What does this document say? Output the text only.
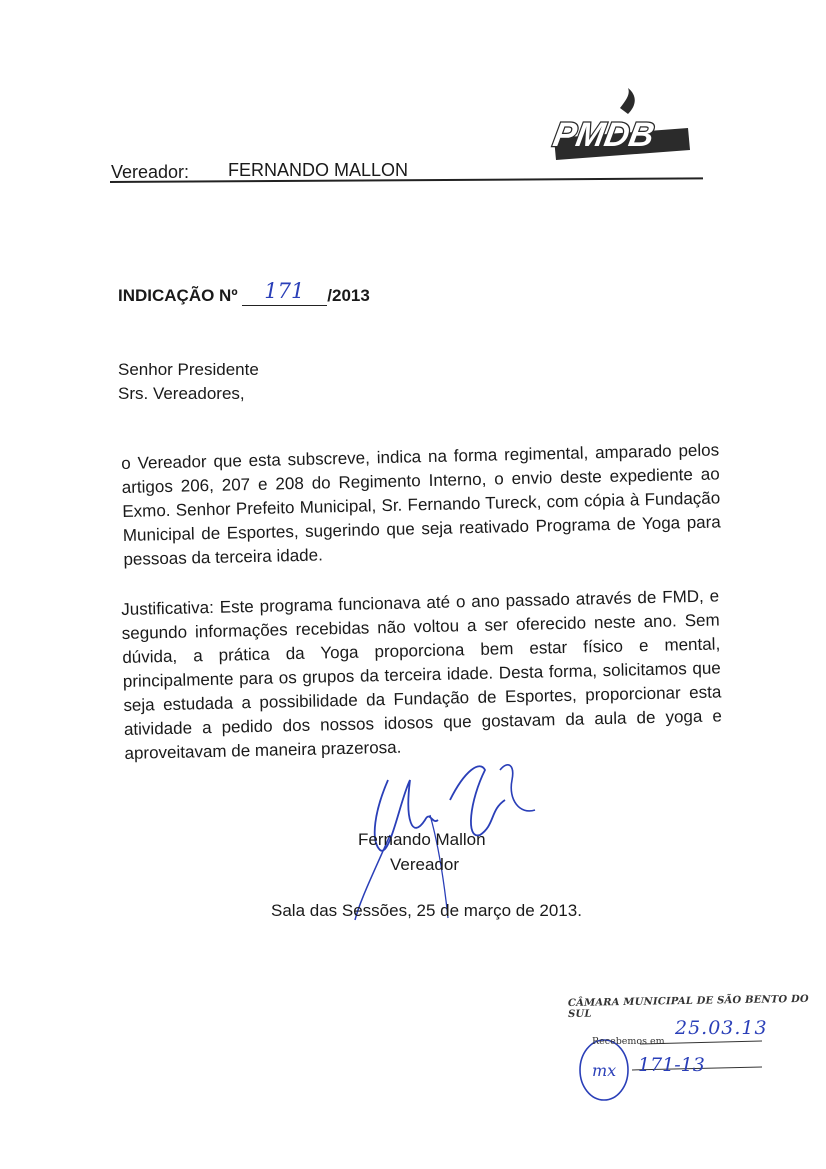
PMDB
Vereador: FERNANDO MALLON
INDICAÇÃO Nº 171 /2013
Senhor Presidente
Srs. Vereadores,
o Vereador que esta subscreve, indica na forma regimental, amparado pelos artigos 206, 207 e 208 do Regimento Interno, o envio deste expediente ao Exmo. Senhor Prefeito Municipal, Sr. Fernando Tureck, com cópia à Fundação Municipal de Esportes, sugerindo que seja reativado Programa de Yoga para pessoas da terceira idade.
Justificativa: Este programa funcionava até o ano passado através de FMD, e segundo informações recebidas não voltou a ser oferecido neste ano. Sem dúvida, a prática da Yoga proporciona bem estar físico e mental, principalmente para os grupos da terceira idade. Desta forma, solicitamos que seja estudada a possibilidade da Fundação de Esportes, proporcionar esta atividade a pedido dos nossos idosos que gostavam da aula de yoga e aproveitavam de maneira prazerosa.
Fernando Mallon
Vereador
Sala das Sessões, 25 de março de 2013.
mx
CÂMARA MUNICIPAL DE SÃO BENTO DO SUL
Recebemos em
25.03.13
171-13
